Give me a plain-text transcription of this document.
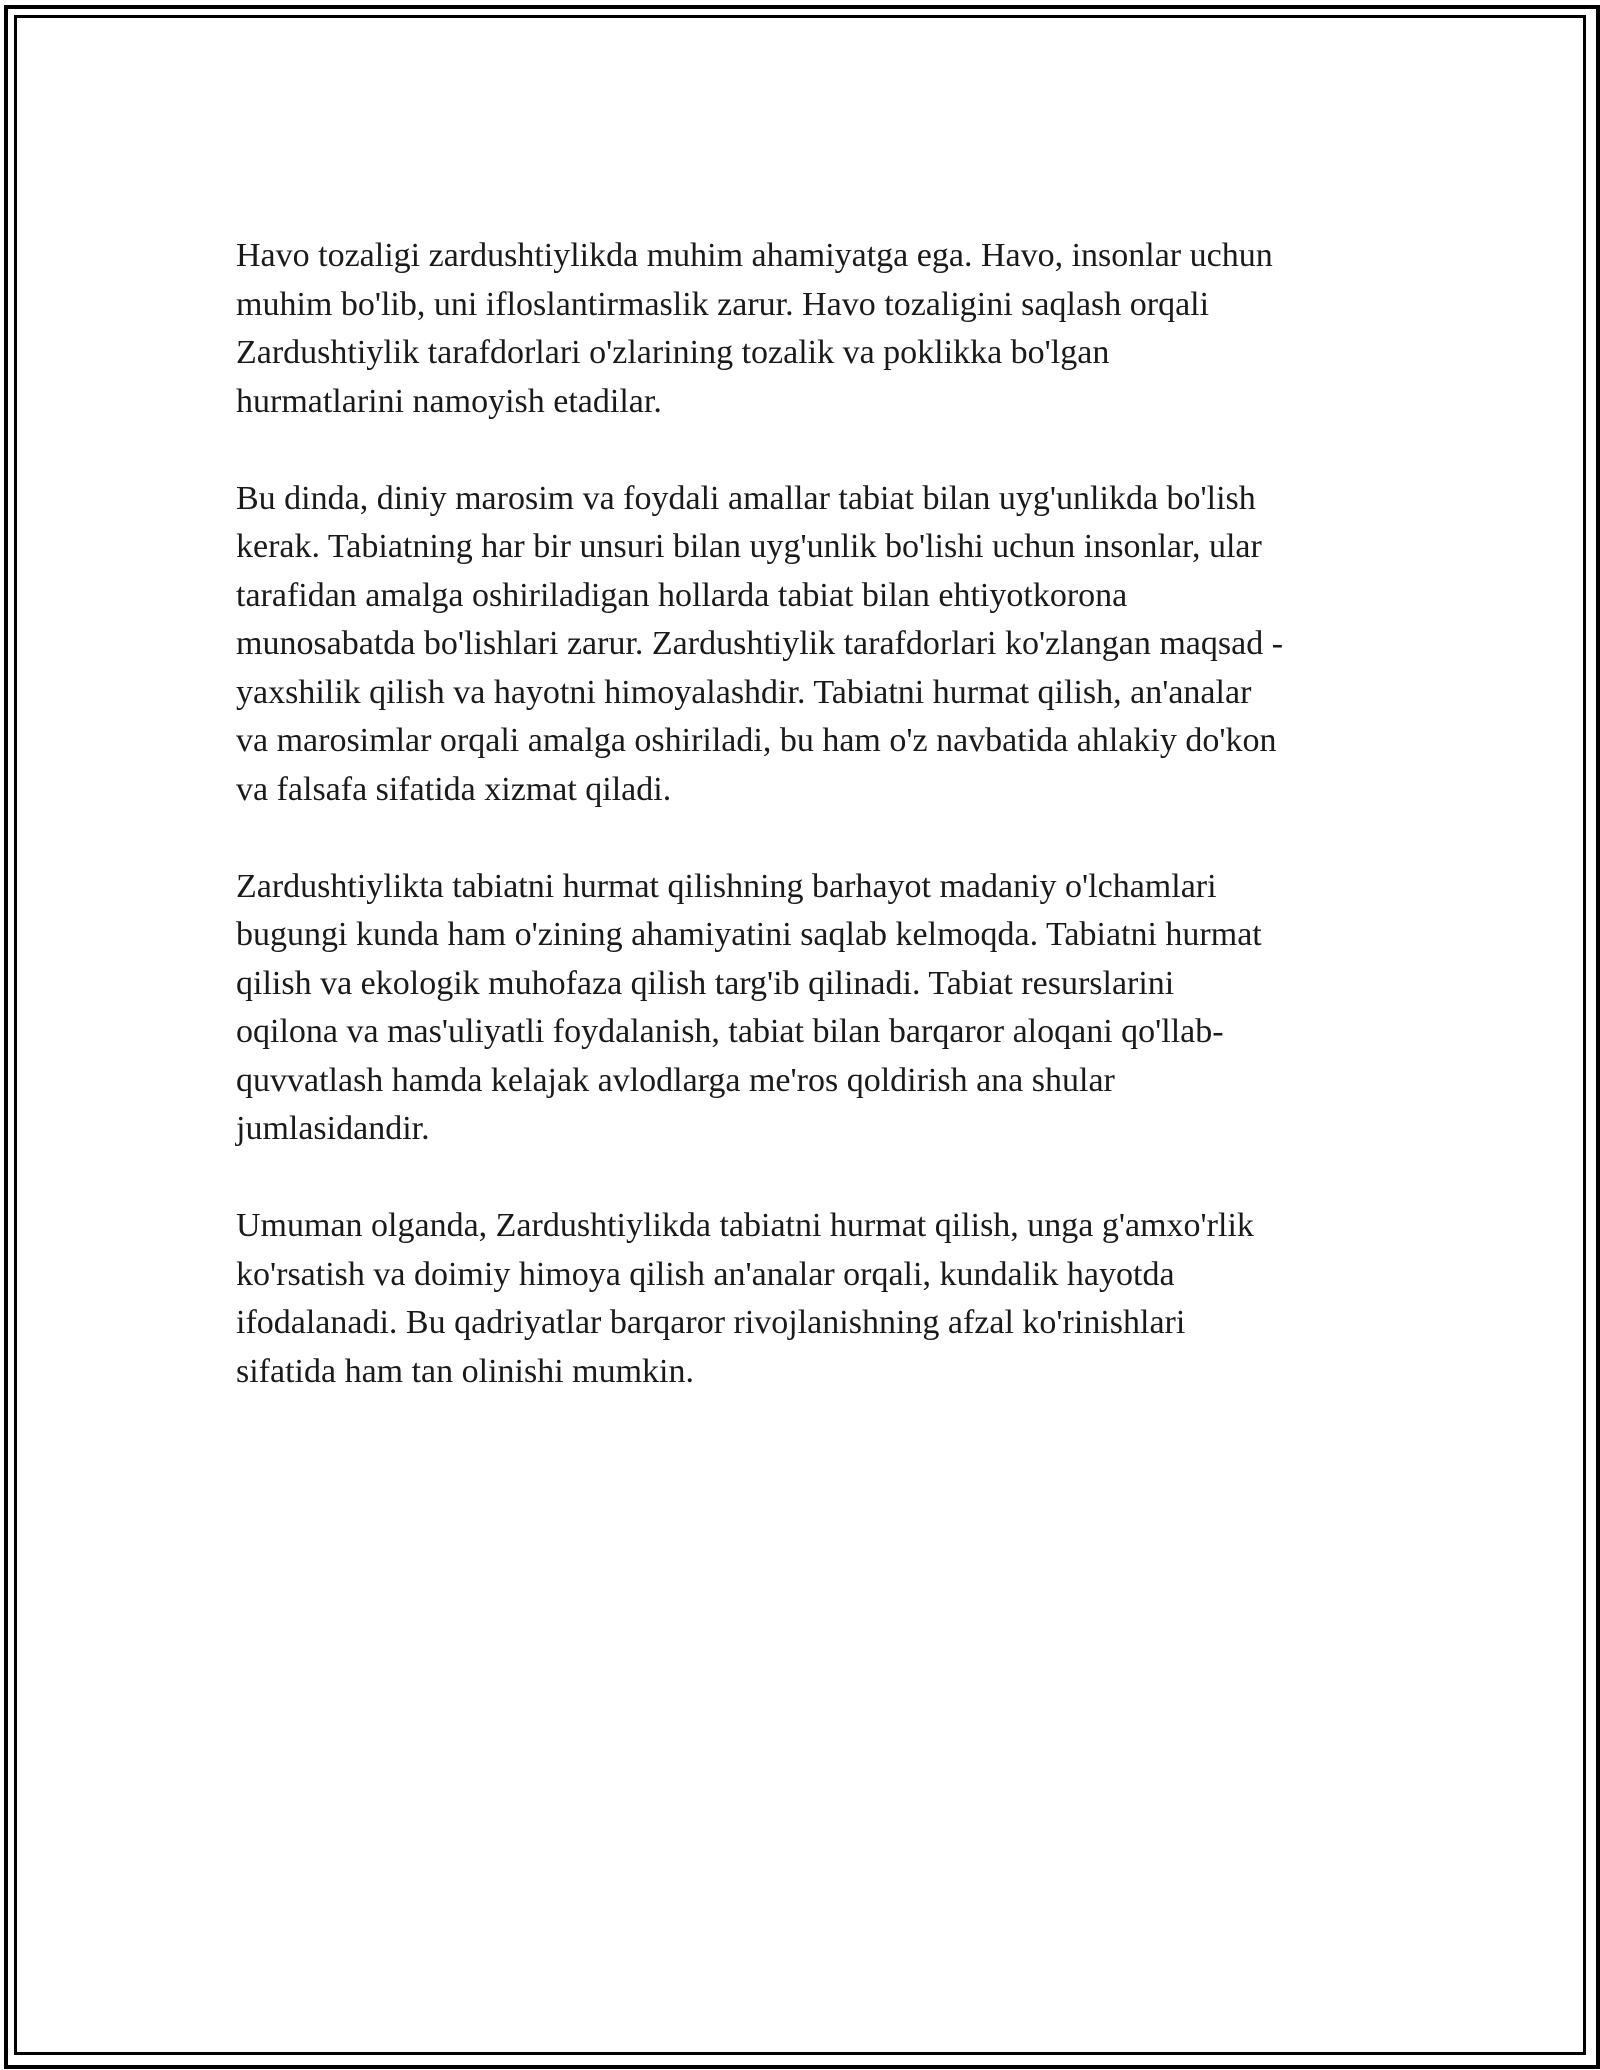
Havo tozaligi zardushtiylikda muhim ahamiyatga ega. Havo, insonlar uchun
muhim bo'lib, uni ifloslantirmaslik zarur. Havo tozaligini saqlash orqali
Zardushtiylik tarafdorlari o'zlarining tozalik va poklikka bo'lgan
hurmatlarini namoyish etadilar.

Bu dinda, diniy marosim va foydali amallar tabiat bilan uyg'unlikda bo'lish
kerak. Tabiatning har bir unsuri bilan uyg'unlik bo'lishi uchun insonlar, ular
tarafidan amalga oshiriladigan hollarda tabiat bilan ehtiyotkorona
munosabatda bo'lishlari zarur. Zardushtiylik tarafdorlari ko'zlangan maqsad -
yaxshilik qilish va hayotni himoyalashdir. Tabiatni hurmat qilish, an'analar
va marosimlar orqali amalga oshiriladi, bu ham o'z navbatida ahlakiy do'kon
va falsafa sifatida xizmat qiladi.

Zardushtiylikta tabiatni hurmat qilishning barhayot madaniy o'lchamlari
bugungi kunda ham o'zining ahamiyatini saqlab kelmoqda. Tabiatni hurmat
qilish va ekologik muhofaza qilish targ'ib qilinadi. Tabiat resurslarini
oqilona va mas'uliyatli foydalanish, tabiat bilan barqaror aloqani qo'llab-
quvvatlash hamda kelajak avlodlarga me'ros qoldirish ana shular
jumlasidandir.

Umuman olganda, Zardushtiylikda tabiatni hurmat qilish, unga g'amxo'rlik
ko'rsatish va doimiy himoya qilish an'analar orqali, kundalik hayotda
ifodalanadi. Bu qadriyatlar barqaror rivojlanishning afzal ko'rinishlari
sifatida ham tan olinishi mumkin.
